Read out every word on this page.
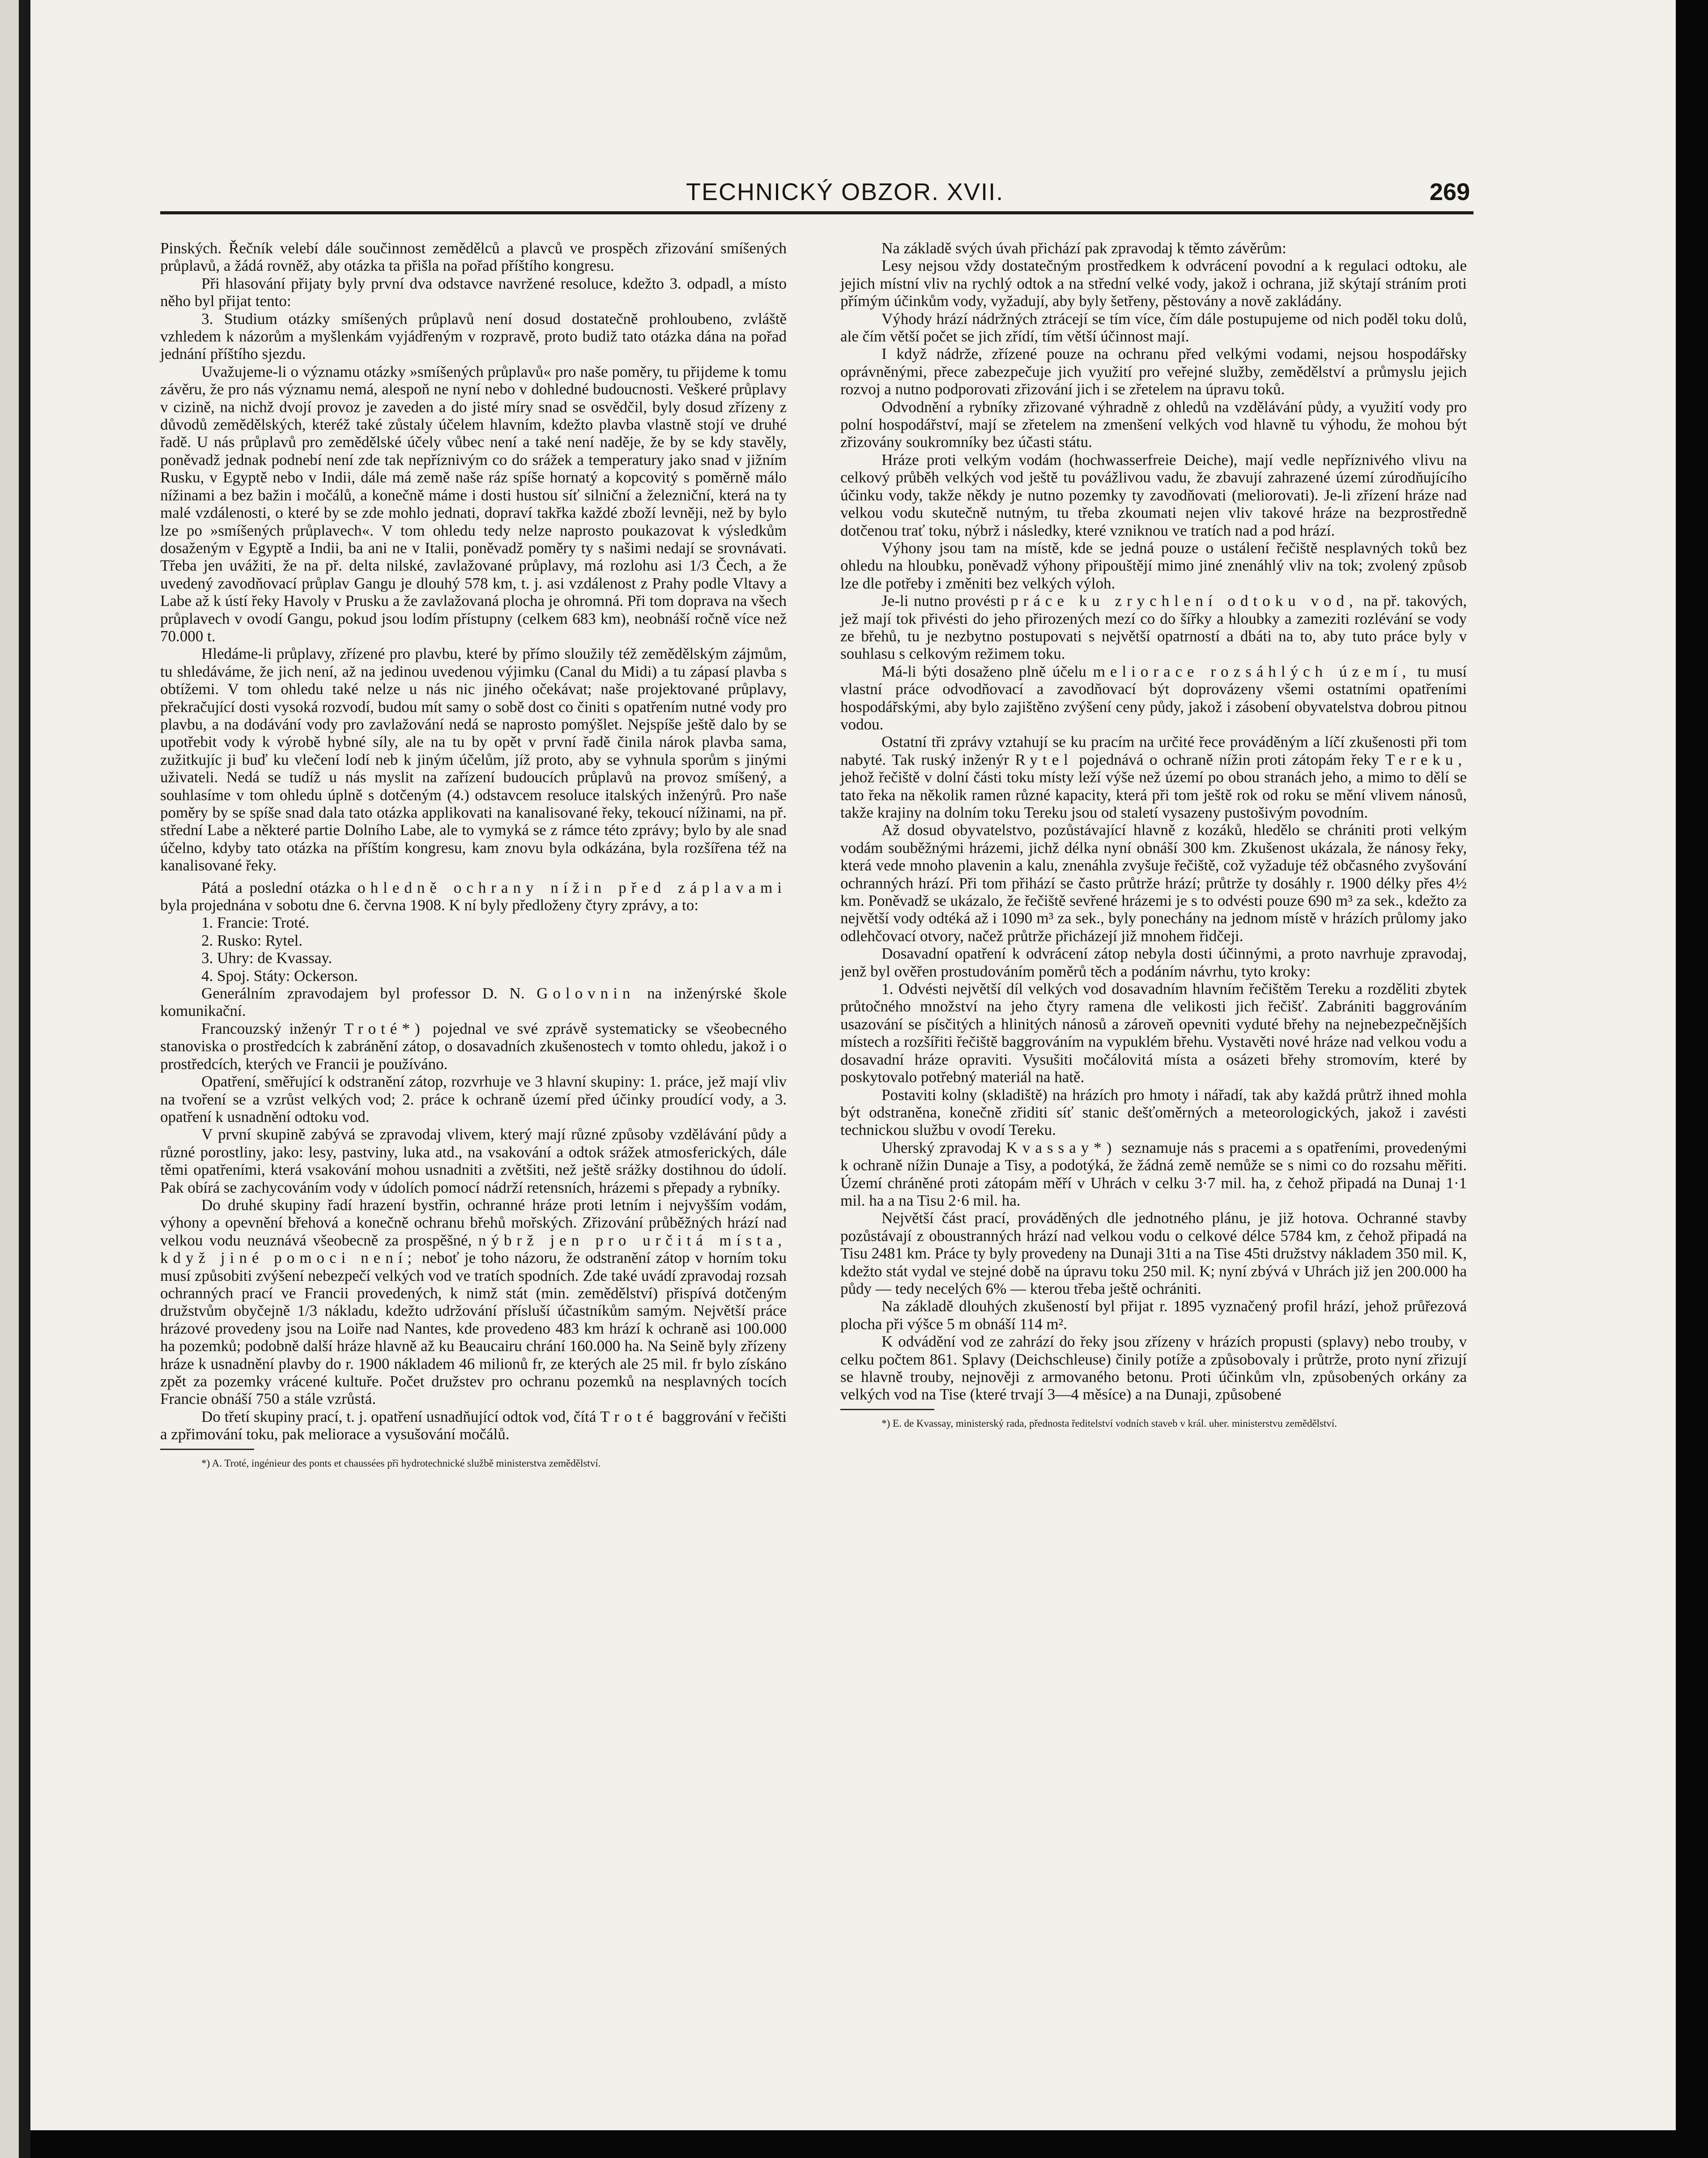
TECHNICKÝ OBZOR. XVII.	269

Pinských. Řečník velebí dále součinnost zemědělců a plavců ve prospěch zřizování smíšených průplavů, a žádá rovněž, aby otázka ta přišla na pořad příštího kongresu.

Při hlasování přijaty byly první dva odstavce navržené resoluce, kdežto 3. odpadl, a místo něho byl přijat tento:

3. Studium otázky smíšených průplavů není dosud dostatečně prohloubeno, zvláště vzhledem k názorům a myšlenkám vyjádřeným v rozpravě, proto budiž tato otázka dána na pořad jednání příštího sjezdu.

Uvažujeme-li o významu otázky »smíšených průplavů« pro naše poměry, tu přijdeme k tomu závěru, že pro nás významu nemá, alespoň ne nyní nebo v dohledné budoucnosti. Veškeré průplavy v cizině, na nichž dvojí provoz je zaveden a do jisté míry snad se osvědčil, byly dosud zřízeny z důvodů zemědělských, kteréž také zůstaly účelem hlavním, kdežto plavba vlastně stojí ve druhé řadě. U nás průplavů pro zemědělské účely vůbec není a také není naděje, že by se kdy stavěly, poněvadž jednak podnebí není zde tak nepříznivým co do srážek a temperatury jako snad v jižním Rusku, v Egyptě nebo v Indii, dále má země naše ráz spíše hornatý a kopcovitý s poměrně málo nížinami a bez bažin i močálů, a konečně máme i dosti hustou síť silniční a železniční, která na ty malé vzdálenosti, o které by se zde mohlo jednati, dopraví takřka každé zboží levněji, než by bylo lze po »smíšených průplavech«. V tom ohledu tedy nelze naprosto poukazovat k výsledkům dosaženým v Egyptě a Indii, ba ani ne v Italii, poněvadž poměry ty s našimi nedají se srovnávati. Třeba jen uvážiti, že na př. delta nilské, zavlažované průplavy, má rozlohu asi 1/3 Čech, a že uvedený zavodňovací průplav Gangu je dlouhý 578 km, t. j. asi vzdálenost z Prahy podle Vltavy a Labe až k ústí řeky Havoly v Prusku a že zavlažovaná plocha je ohromná. Při tom doprava na všech průplavech v ovodí Gangu, pokud jsou lodím přístupny (celkem 683 km), neobnáší ročně více než 70.000 t.

Hledáme-li průplavy, zřízené pro plavbu, které by přímo sloužily též zemědělským zájmům, tu shledáváme, že jich není, až na jedinou uvedenou výjimku (Canal du Midi) a tu zápasí plavba s obtížemi. V tom ohledu také nelze u nás nic jiného očekávat; naše projektované průplavy, překračující dosti vysoká rozvodí, budou mít samy o sobě dost co činiti s opatřením nutné vody pro plavbu, a na dodávání vody pro zavlažování nedá se naprosto pomýšlet. Nejspíše ještě dalo by se upotřebit vody k výrobě hybné síly, ale na tu by opět v první řadě činila nárok plavba sama, zužitkujíc ji buď ku vlečení lodí neb k jiným účelům, jíž proto, aby se vyhnula sporům s jinými uživateli. Nedá se tudíž u nás myslit na zařízení budoucích průplavů na provoz smíšený, a souhlasíme v tom ohledu úplně s dotčeným (4.) odstavcem resoluce italských inženýrů. Pro naše poměry by se spíše snad dala tato otázka applikovati na kanalisované řeky, tekoucí nížinami, na př. střední Labe a některé partie Dolního Labe, ale to vymyká se z rámce této zprávy; bylo by ale snad účelno, kdyby tato otázka na příštím kongresu, kam znovu byla odkázána, byla rozšířena též na kanalisované řeky.

Pátá a poslední otázka ohledně ochrany nížin před záplavami byla projednána v sobotu dne 6. června 1908. K ní byly předloženy čtyry zprávy, a to:

1. Francie: Troté.

2. Rusko: Rytel.

3. Uhry: de Kvassay.

4. Spoj. Státy: Ockerson.

Generálním zpravodajem byl professor D. N. Golovnin na inženýrské škole komunikační.

Francouzský inženýr Troté*) pojednal ve své zprávě systematicky se všeobecného stanoviska o prostředcích k zabránění zátop, o dosavadních zkušenostech v tomto ohledu, jakož i o prostředcích, kterých ve Francii je používáno.

Opatření, směřující k odstranění zátop, rozvrhuje ve 3 hlavní skupiny: 1. práce, jež mají vliv na tvoření se a vzrůst velkých vod; 2. práce k ochraně území před účinky proudící vody, a 3. opatření k usnadnění odtoku vod.

V první skupině zabývá se zpravodaj vlivem, který mají různé způsoby vzdělávání půdy a různé porostliny, jako: lesy, pastviny, luka atd., na vsakování a odtok srážek atmosferických, dále těmi opatřeními, která vsakování mohou usnadniti a zvětšiti, než ještě srážky dostihnou do údolí. Pak obírá se zachycováním vody v údolích pomocí nádrží retensních, hrázemi s přepady a rybníky.

Do druhé skupiny řadí hrazení bystřin, ochranné hráze proti letním i nejvyšším vodám, výhony a opevnění břehová a konečně ochranu břehů mořských. Zřizování průběžných hrází nad velkou vodu neuznává všeobecně za prospěšné, nýbrž jen pro určitá místa, když jiné pomoci není; neboť je toho názoru, že odstranění zátop v horním toku musí způsobiti zvýšení nebezpečí velkých vod ve tratích spodních. Zde také uvádí zpravodaj rozsah ochranných prací ve Francii provedených, k nimž stát (min. zemědělství) přispívá dotčeným družstvům obyčejně 1/3 nákladu, kdežto udržování přísluší účastníkům samým. Největší práce hrázové provedeny jsou na Loiře nad Nantes, kde provedeno 483 km hrází k ochraně asi 100.000 ha pozemků; podobně další hráze hlavně až ku Beaucairu chrání 160.000 ha. Na Seině byly zřízeny hráze k usnadnění plavby do r. 1900 nákladem 46 milionů fr, ze kterých ale 25 mil. fr bylo získáno zpět za pozemky vrácené kultuře. Počet družstev pro ochranu pozemků na nesplavných tocích Francie obnáší 750 a stále vzrůstá.

Do třetí skupiny prací, t. j. opatření usnadňující odtok vod, čítá Troté baggrování v řečišti a zpřimování toku, pak meliorace a vysušování močálů.

*) A. Troté, ingénieur des ponts et chaussées při hydrotechnické službě ministerstva zemědělství.

Na základě svých úvah přichází pak zpravodaj k těmto závěrům:

Lesy nejsou vždy dostatečným prostředkem k odvrácení povodní a k regulaci odtoku, ale jejich místní vliv na rychlý odtok a na střední velké vody, jakož i ochrana, již skýtají stráním proti přímým účinkům vody, vyžadují, aby byly šetřeny, pěstovány a nově zakládány.

Výhody hrází nádržných ztrácejí se tím více, čím dále postupujeme od nich poděl toku dolů, ale čím větší počet se jich zřídí, tím větší účinnost mají.

I když nádrže, zřízené pouze na ochranu před velkými vodami, nejsou hospodářsky oprávněnými, přece zabezpečuje jich využití pro veřejné služby, zemědělství a průmyslu jejich rozvoj a nutno podporovati zřizování jich i se zřetelem na úpravu toků.

Odvodnění a rybníky zřizované výhradně z ohledů na vzdělávání půdy, a využití vody pro polní hospodářství, mají se zřetelem na zmenšení velkých vod hlavně tu výhodu, že mohou být zřizovány soukromníky bez účasti státu.

Hráze proti velkým vodám (hochwasserfreie Deiche), mají vedle nepříznivého vlivu na celkový průběh velkých vod ještě tu povážlivou vadu, že zbavují zahrazené území zúrodňujícího účinku vody, takže někdy je nutno pozemky ty zavodňovati (meliorovati). Je-li zřízení hráze nad velkou vodu skutečně nutným, tu třeba zkoumati nejen vliv takové hráze na bezprostředně dotčenou trať toku, nýbrž i následky, které vzniknou ve tratích nad a pod hrází.

Výhony jsou tam na místě, kde se jedná pouze o ustálení řečiště nesplavných toků bez ohledu na hloubku, poněvadž výhony připouštějí mimo jiné znenáhlý vliv na tok; zvolený způsob lze dle potřeby i změniti bez velkých výloh.

Je-li nutno provésti práce ku zrychlení odtoku vod, na př. takových, jež mají tok přivésti do jeho přirozených mezí co do šířky a hloubky a zameziti rozlévání se vody ze břehů, tu je nezbytno postupovati s největší opatrností a dbáti na to, aby tuto práce byly v souhlasu s celkovým režimem toku.

Má-li býti dosaženo plně účelu meliorace rozsáhlých území, tu musí vlastní práce odvodňovací a zavodňovací být doprovázeny všemi ostatními opatřeními hospodářskými, aby bylo zajištěno zvýšení ceny půdy, jakož i zásobení obyvatelstva dobrou pitnou vodou.

Ostatní tři zprávy vztahují se ku pracím na určité řece prováděným a líčí zkušenosti při tom nabyté. Tak ruský inženýr Rytel pojednává o ochraně nížin proti zátopám řeky Tereku, jehož řečiště v dolní části toku místy leží výše než území po obou stranách jeho, a mimo to dělí se tato řeka na několik ramen různé kapacity, která při tom ještě rok od roku se mění vlivem nánosů, takže krajiny na dolním toku Tereku jsou od staletí vysazeny pustošivým povodním.

Až dosud obyvatelstvo, pozůstávající hlavně z kozáků, hledělo se chrániti proti velkým vodám souběžnými hrázemi, jichž délka nyní obnáší 300 km. Zkušenost ukázala, že nánosy řeky, která vede mnoho plavenin a kalu, znenáhla zvyšuje řečiště, což vyžaduje též občasného zvyšování ochranných hrází. Při tom přihází se často průtrže hrází; průtrže ty dosáhly r. 1900 délky přes 4½ km. Poněvadž se ukázalo, že řečiště sevřené hrázemi je s to odvésti pouze 690 m³ za sek., kdežto za největší vody odtéká až i 1090 m³ za sek., byly ponechány na jednom místě v hrázích průlomy jako odlehčovací otvory, načež průtrže přicházejí již mnohem řidčeji.

Dosavadní opatření k odvrácení zátop nebyla dosti účinnými, a proto navrhuje zpravodaj, jenž byl ověřen prostudováním poměrů těch a podáním návrhu, tyto kroky:

1. Odvésti největší díl velkých vod dosavadním hlavním řečištěm Tereku a rozděliti zbytek průtočného množství na jeho čtyry ramena dle velikosti jich řečišť. Zabrániti baggrováním usazování se písčitých a hlinitých nánosů a zároveň opevniti vyduté břehy na nejnebezpečnějších místech a rozšířiti řečiště baggrováním na vypuklém břehu. Vystavěti nové hráze nad velkou vodu a dosavadní hráze opraviti. Vysušiti močálovitá místa a osázeti břehy stromovím, které by poskytovalo potřebný materiál na hatě.

Postaviti kolny (skladiště) na hrázích pro hmoty i nářadí, tak aby každá průtrž ihned mohla být odstraněna, konečně zřiditi síť stanic dešťoměrných a meteorologických, jakož i zavésti technickou službu v ovodí Tereku.

Uherský zpravodaj Kvassay*) seznamuje nás s pracemi a s opatřeními, provedenými k ochraně nížin Dunaje a Tisy, a podotýká, že žádná země nemůže se s nimi co do rozsahu měřiti. Území chráněné proti zátopám měří v Uhrách v celku 3·7 mil. ha, z čehož připadá na Dunaj 1·1 mil. ha a na Tisu 2·6 mil. ha.

Největší část prací, prováděných dle jednotného plánu, je již hotova. Ochranné stavby pozůstávají z oboustranných hrází nad velkou vodu o celkové délce 5784 km, z čehož připadá na Tisu 2481 km. Práce ty byly provedeny na Dunaji 31ti a na Tise 45ti družstvy nákladem 350 mil. K, kdežto stát vydal ve stejné době na úpravu toku 250 mil. K; nyní zbývá v Uhrách již jen 200.000 ha půdy — tedy necelých 6% — kterou třeba ještě ochrániti.

Na základě dlouhých zkušeností byl přijat r. 1895 vyznačený profil hrází, jehož průřezová plocha při výšce 5 m obnáší 114 m².

K odvádění vod ze zahrází do řeky jsou zřízeny v hrázích propusti (splavy) nebo trouby, v celku počtem 861. Splavy (Deichschleuse) činily potíže a způsobovaly i průtrže, proto nyní zřizují se hlavně trouby, nejnověji z armovaného betonu. Proti účinkům vln, způsobených orkány za velkých vod na Tise (které trvají 3—4 měsíce) a na Dunaji, způsobené

*) E. de Kvassay, ministerský rada, přednosta ředitelství vodních staveb v král. uher. ministerstvu zemědělství.
